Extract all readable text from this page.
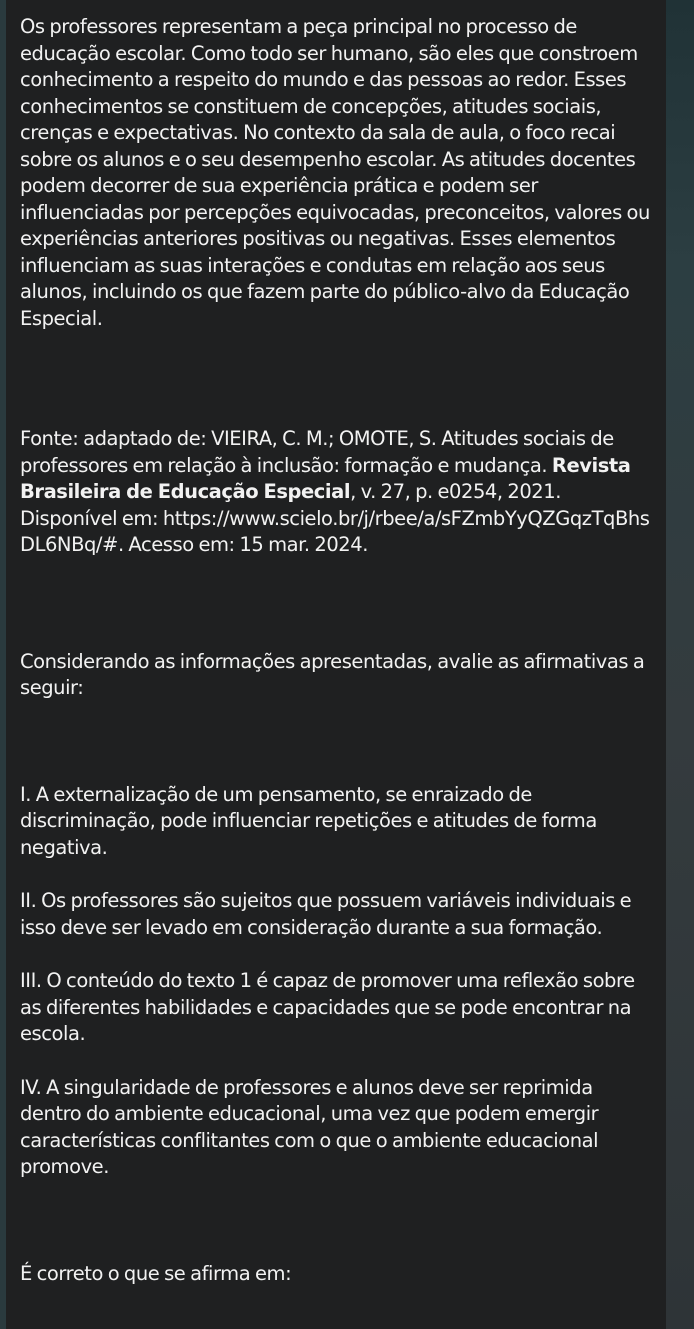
Os professores representam a peça principal no processo de educação escolar. Como todo ser humano, são eles que constroem conhecimento a respeito do mundo e das pessoas ao redor. Esses conhecimentos se constituem de concepções, atitudes sociais, crenças e expectativas. No contexto da sala de aula, o foco recai sobre os alunos e o seu desempenho escolar. As atitudes docentes podem decorrer de sua experiência prática e podem ser influenciadas por percepções equivocadas, preconceitos, valores ou experiências anteriores positivas ou negativas. Esses elementos influenciam as suas interações e condutas em relação aos seus alunos, incluindo os que fazem parte do público-alvo da Educação Especial.

Fonte: adaptado de: VIEIRA, C. M.; OMOTE, S. Atitudes sociais de professores em relação à inclusão: formação e mudança. Revista Brasileira de Educação Especial, v. 27, p. e0254, 2021. Disponível em: https://www.scielo.br/j/rbee/a/sFZmbYyQZGqzTqBhsDL6NBq/#. Acesso em: 15 mar. 2024.

Considerando as informações apresentadas, avalie as afirmativas a seguir:

I. A externalização de um pensamento, se enraizado de discriminação, pode influenciar repetições e atitudes de forma negativa.

II. Os professores são sujeitos que possuem variáveis individuais e isso deve ser levado em consideração durante a sua formação.

III. O conteúdo do texto 1 é capaz de promover uma reflexão sobre as diferentes habilidades e capacidades que se pode encontrar na escola.

IV. A singularidade de professores e alunos deve ser reprimida dentro do ambiente educacional, uma vez que podem emergir características conflitantes com o que o ambiente educacional promove.

É correto o que se afirma em:
